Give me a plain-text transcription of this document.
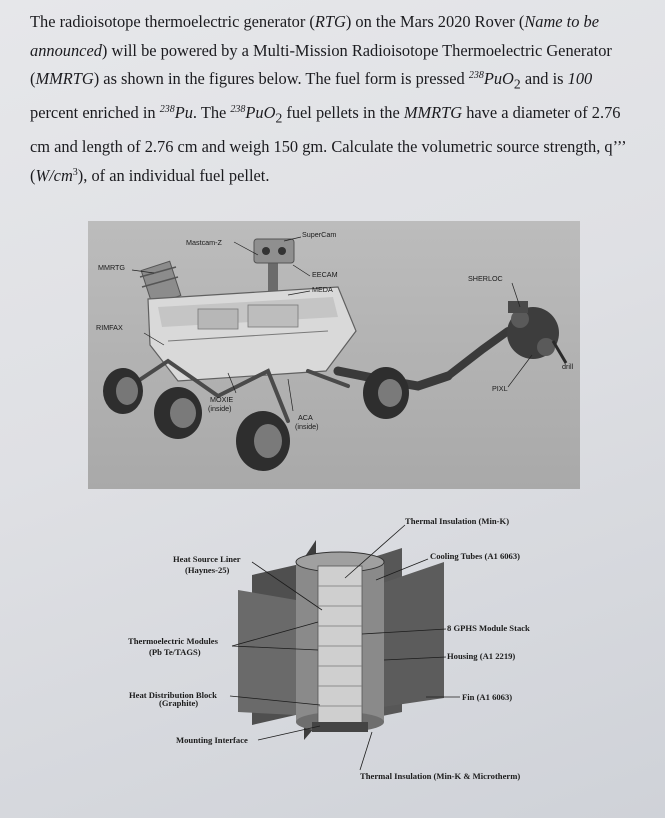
The radioisotope thermoelectric generator (RTG) on the Mars 2020 Rover (Name to be announced) will be powered by a Multi-Mission Radioisotope Thermoelectric Generator (MMRTG) as shown in the figures below. The fuel form is pressed $^{238}$PuO$_2$ and is 100 percent enriched in $^{238}$Pu. The $^{238}$PuO$_2$ fuel pellets in the MMRTG have a diameter of 2.76 cm and length of 2.76 cm and weigh 150 gm. Calculate the volumetric source strength, q’’’ $(W/cm^3)$, of an individual fuel pellet.
SuperCam
Mastcam-Z
MMRTG
EECAM
MEDA
SHERLOC
RIMFAX
drill
PIXL
MOXIE
(inside)
ACA
(inside)
Thermal Insulation (Min-K)
Cooling Tubes (A1 6063)
Heat Source Liner
(Haynes-25)
8 GPHS Module Stack
Thermoelectric Modules
(Pb Te/TAGS)	Housing (A1 2219)
Heat Distribution Block
(Graphite)
Fin (A1 6063)
Mounting Interface
Thermal Insulation (Min-K & Microtherm)
